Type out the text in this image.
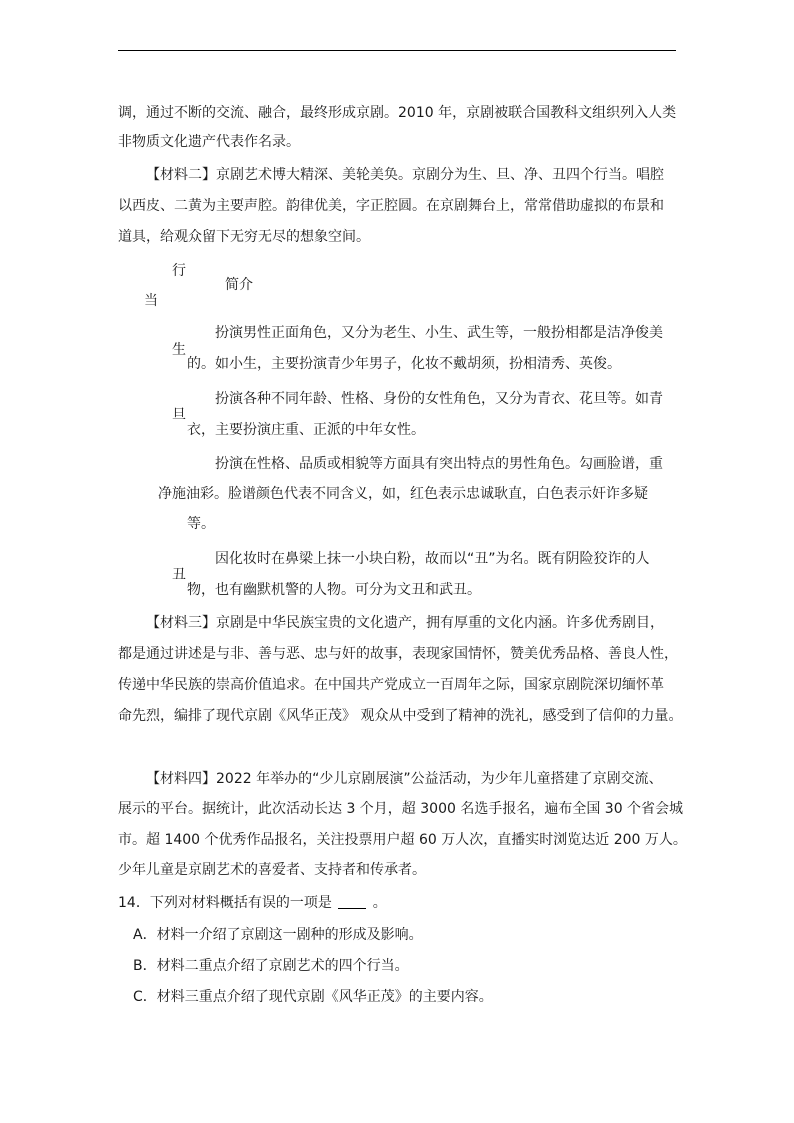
调，通过不断的交流、融合，最终形成京剧。2010 年，京剧被联合国教科文组织列入人类
非物质文化遗产代表作名录。
【材料二】京剧艺术博大精深、美轮美奂。京剧分为生、旦、净、丑四个行当。唱腔
以西皮、二黄为主要声腔。韵律优美，字正腔圆。在京剧舞台上，常常借助虚拟的布景和
道具，给观众留下无穷无尽的想象空间。
行
当
简介
生
扮演男性正面角色，又分为老生、小生、武生等，一般扮相都是洁净俊美
的。如小生，主要扮演青少年男子，化妆不戴胡须，扮相清秀、英俊。
旦
扮演各种不同年龄、性格、身份的女性角色，又分为青衣、花旦等。如青
衣，主要扮演庄重、正派的中年女性。
扮演在性格、品质或相貌等方面具有突出特点的男性角色。勾画脸谱，重
净 施油彩。脸谱颜色代表不同含义，如，红色表示忠诚耿直，白色表示奸诈多疑
等。
丑
因化妆时在鼻梁上抹一小块白粉，故而以“丑”为名。既有阴险狡诈的人
物，也有幽默机警的人物。可分为文丑和武丑。
【材料三】京剧是中华民族宝贵的文化遗产，拥有厚重的文化内涵。许多优秀剧目，
都是通过讲述是与非、善与恶、忠与奸的故事，表现家国情怀，赞美优秀品格、善良人性，
传递中华民族的崇高价值追求。在中国共产党成立一百周年之际，国家京剧院深切缅怀革
命先烈，编排了现代京剧《风华正茂》 观众从中受到了精神的洗礼，感受到了信仰的力量。
【材料四】2022 年举办的“少儿京剧展演”公益活动，为少年儿童搭建了京剧交流、
展示的平台。据统计，此次活动长达 3 个月，超 3000 名选手报名，遍布全国 30 个省会城
市。超 1400 个优秀作品报名，关注投票用户超 60 万人次，直播实时浏览达近 200 万人。
少年儿童是京剧艺术的喜爱者、支持者和传承者。
14．下列对材料概括有误的一项是	。
A．材料一介绍了京剧这一剧种的形成及影响。
B．材料二重点介绍了京剧艺术的四个行当。
C．材料三重点介绍了现代京剧《风华正茂》的主要内容。
